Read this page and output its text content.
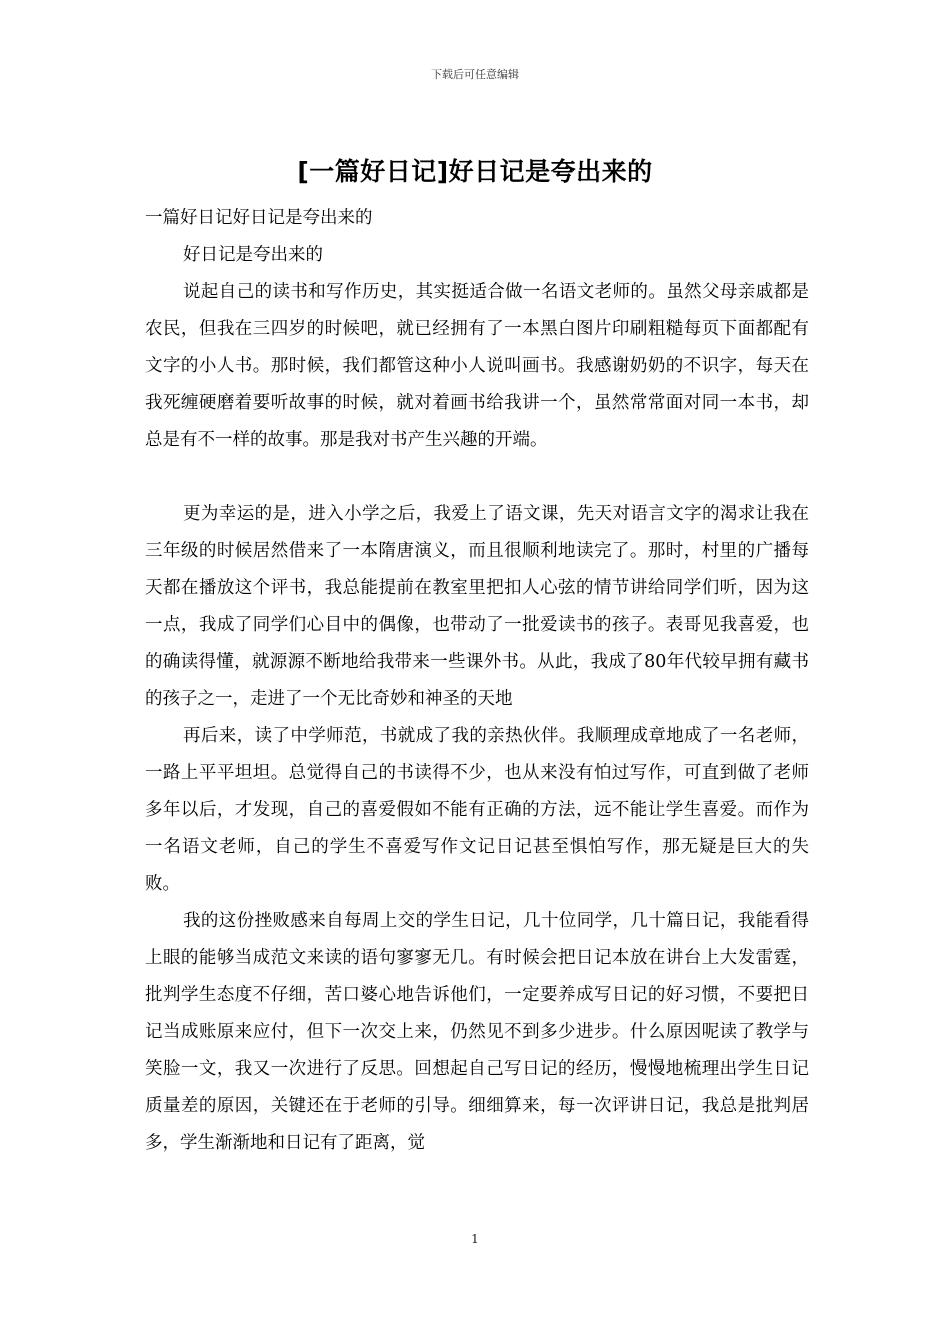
下载后可任意编辑
[一篇好日记]好日记是夸出来的

一篇好日记好日记是夸出来的

好日记是夸出来的

说起自己的读书和写作历史，其实挺适合做一名语文老师的。虽然父母亲戚都是农民，但我在三四岁的时候吧，就已经拥有了一本黑白图片印刷粗糙每页下面都配有文字的小人书。那时候，我们都管这种小人说叫画书。我感谢奶奶的不识字，每天在我死缠硬磨着要听故事的时候，就对着画书给我讲一个，虽然常常面对同一本书，却总是有不一样的故事。那是我对书产生兴趣的开端。

更为幸运的是，进入小学之后，我爱上了语文课，先天对语言文字的渴求让我在三年级的时候居然借来了一本隋唐演义，而且很顺利地读完了。那时，村里的广播每天都在播放这个评书，我总能提前在教室里把扣人心弦的情节讲给同学们听，因为这一点，我成了同学们心目中的偶像，也带动了一批爱读书的孩子。表哥见我喜爱，也的确读得懂，就源源不断地给我带来一些课外书。从此，我成了80年代较早拥有藏书的孩子之一，走进了一个无比奇妙和神圣的天地

再后来，读了中学师范，书就成了我的亲热伙伴。我顺理成章地成了一名老师，一路上平平坦坦。总觉得自己的书读得不少，也从来没有怕过写作，可直到做了老师多年以后，才发现，自己的喜爱假如不能有正确的方法，远不能让学生喜爱。而作为一名语文老师，自己的学生不喜爱写作文记日记甚至惧怕写作，那无疑是巨大的失败。

我的这份挫败感来自每周上交的学生日记，几十位同学，几十篇日记，我能看得上眼的能够当成范文来读的语句寥寥无几。有时候会把日记本放在讲台上大发雷霆，批判学生态度不仔细，苦口婆心地告诉他们，一定要养成写日记的好习惯，不要把日记当成账原来应付，但下一次交上来，仍然见不到多少进步。什么原因呢读了教学与笑脸一文，我又一次进行了反思。回想起自己写日记的经历，慢慢地梳理出学生日记质量差的原因，关键还在于老师的引导。细细算来，每一次评讲日记，我总是批判居多，学生渐渐地和日记有了距离，觉

1
